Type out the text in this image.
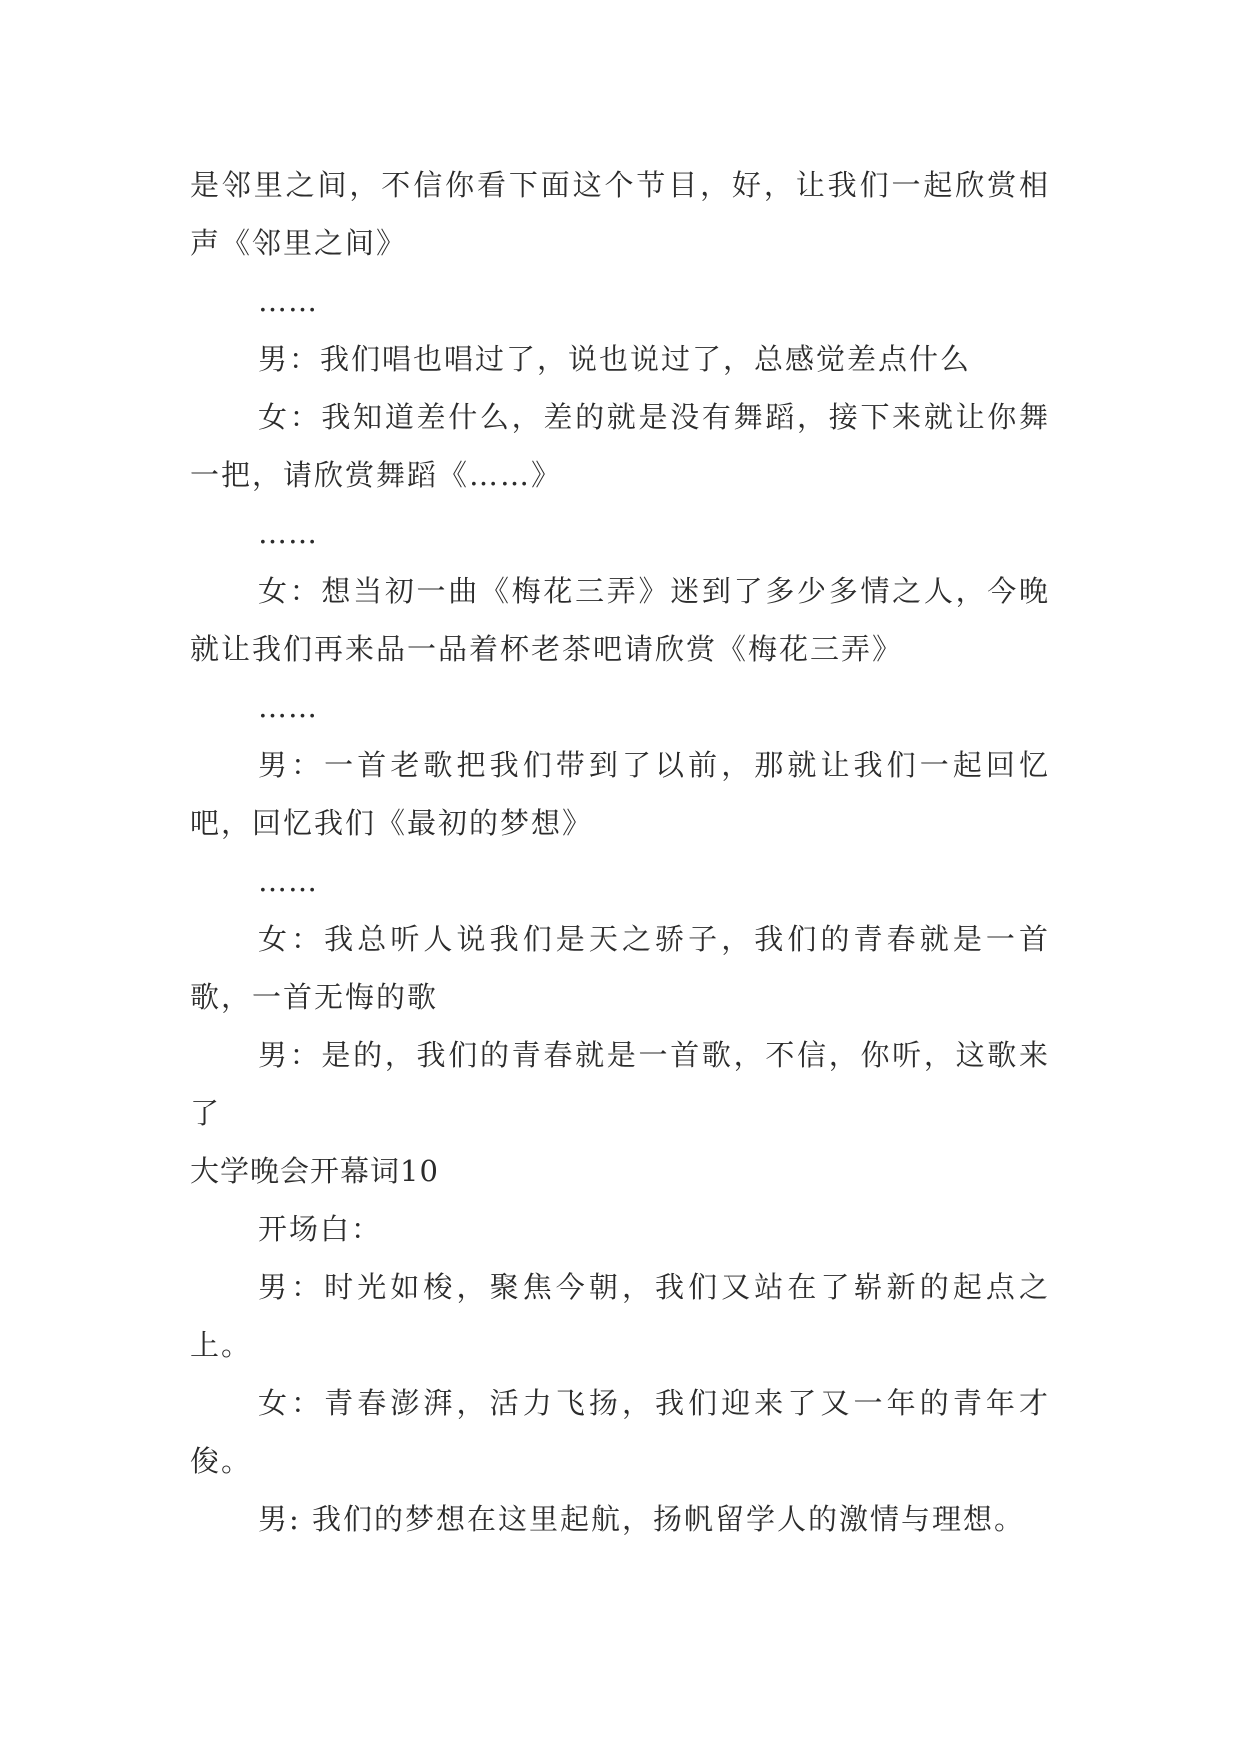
是邻里之间，不信你看下面这个节目，好，让我们一起欣赏相声《邻里之间》

……

男：我们唱也唱过了，说也说过了，总感觉差点什么

女：我知道差什么，差的就是没有舞蹈，接下来就让你舞一把，请欣赏舞蹈《……》

……

女：想当初一曲《梅花三弄》迷到了多少多情之人，今晚就让我们再来品一品着杯老茶吧请欣赏《梅花三弄》

……

男：一首老歌把我们带到了以前，那就让我们一起回忆吧，回忆我们《最初的梦想》

……

女：我总听人说我们是天之骄子，我们的青春就是一首歌，一首无悔的歌

男：是的，我们的青春就是一首歌，不信，你听，这歌来了

大学晚会开幕词10

开场白：

男：时光如梭，聚焦今朝，我们又站在了崭新的起点之上。

女：青春澎湃，活力飞扬，我们迎来了又一年的青年才俊。

男: 我们的梦想在这里起航，扬帆留学人的激情与理想。
